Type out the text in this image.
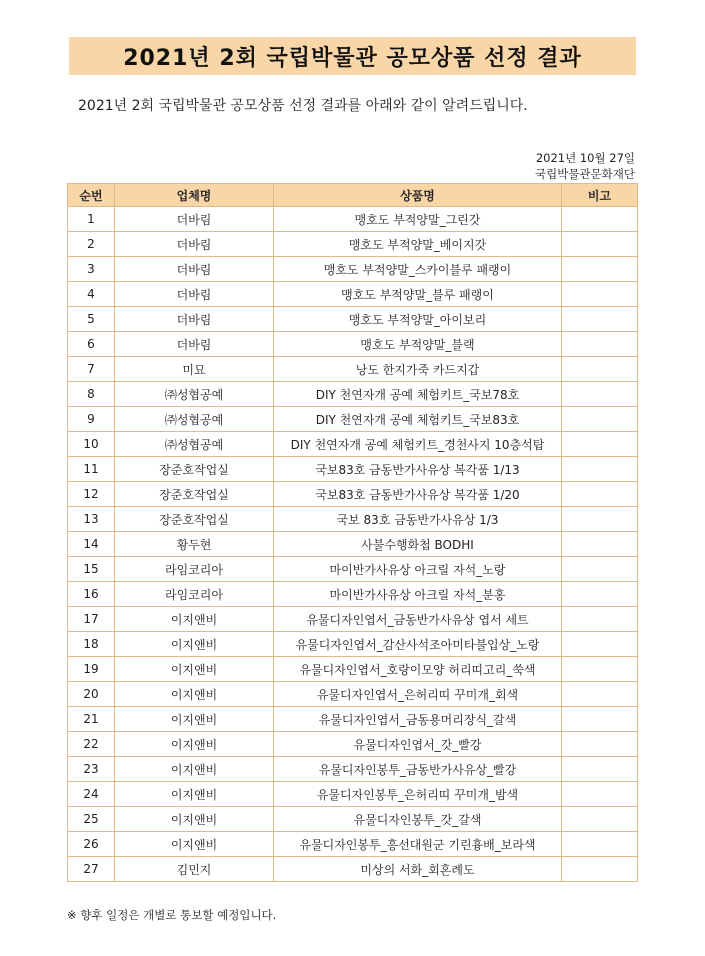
2021년 2회 국립박물관 공모상품 선정 결과
2021년 2회 국립박물관 공모상품 선정 결과를 아래와 같이 알려드립니다.
2021년 10월 27일
국립박물관문화재단
순번	업체명	상품명	비고
1	더바림	맹호도 부적양말_그린갓	
2	더바림	맹호도 부적양말_베이지갓	
3	더바림	맹호도 부적양말_스카이블루 패랭이	
4	더바림	맹호도 부적양말_블루 패랭이	
5	더바림	맹호도 부적양말_아이보리	
6	더바림	맹호도 부적양말_블랙	
7	미묘	낭도 한지가죽 카드지갑	
8	㈜성협공예	DIY 천연자개 공예 체험키트_국보78호	
9	㈜성협공예	DIY 천연자개 공예 체험키트_국보83호	
10	㈜성협공예	DIY 천연자개 공예 체험키트_경천사지 10층석탑	
11	장준호작업실	국보83호 금동반가사유상 복각품 1/13	
12	장준호작업실	국보83호 금동반가사유상 복각품 1/20	
13	장준호작업실	국보 83호 금동반가사유상 1/3	
14	황두현	사불수행화첩 BODHI	
15	라임코리아	마이반가사유상 아크릴 자석_노랑	
16	라임코리아	마이반가사유상 아크릴 자석_분홍	
17	이지앤비	유물디자인엽서_금동반가사유상 엽서 세트	
18	이지앤비	유물디자인엽서_감산사석조아미타불입상_노랑	
19	이지앤비	유물디자인엽서_호랑이모양 허리띠고리_쑥색	
20	이지앤비	유물디자인엽서_은허리띠 꾸미개_회색	
21	이지앤비	유물디자인엽서_금동용머리장식_갈색	
22	이지앤비	유물디자인엽서_갓_빨강	
23	이지앤비	유물디자인봉투_금동반가사유상_빨강	
24	이지앤비	유물디자인봉투_은허리띠 꾸미개_밤색	
25	이지앤비	유물디자인봉투_갓_갈색	
26	이지앤비	유물디자인봉투_흥선대원군 기린흉배_보라색	
27	김민지	미상의 서화_회혼례도	
※ 향후 일정은 개별로 통보할 예정입니다.
